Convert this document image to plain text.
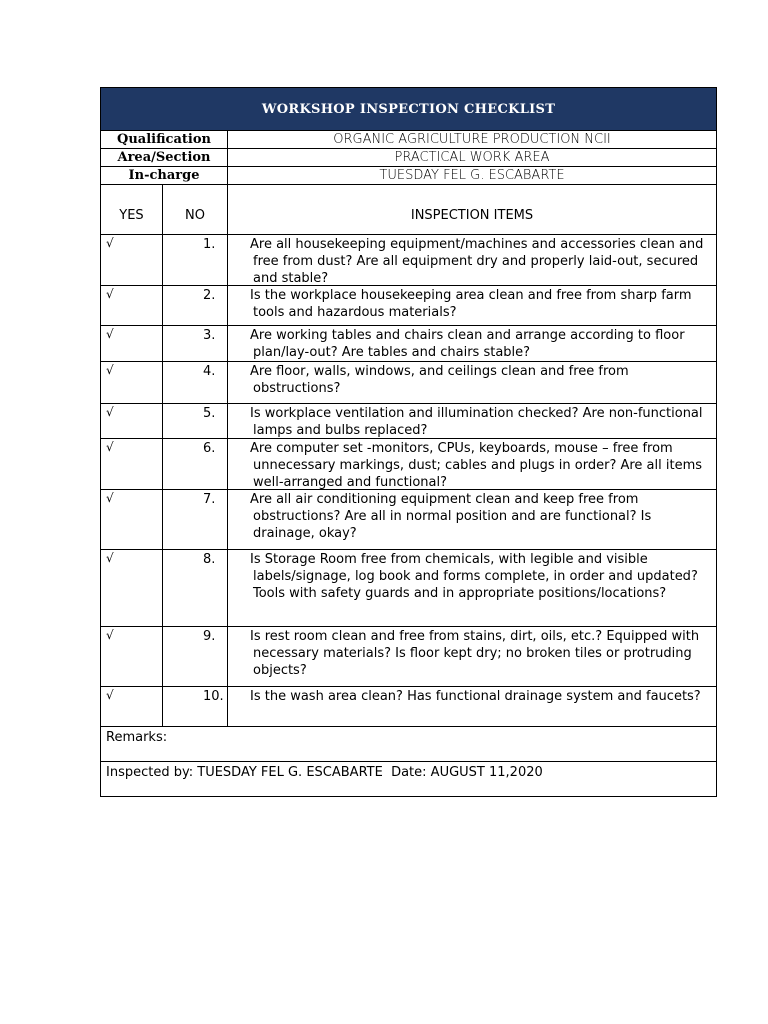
WORKSHOP INSPECTION CHECKLIST
Qualification	ORGANIC AGRICULTURE PRODUCTION NCII
Area/Section	PRACTICAL WORK AREA
In-charge	TUESDAY FEL G. ESCABARTE
YES	NO	INSPECTION ITEMS
√	1.	Are all housekeeping equipment/machines and accessories clean and free from dust? Are all equipment dry and properly laid-out, secured and stable?
√	2.	Is the workplace housekeeping area clean and free from sharp farm tools and hazardous materials?
√	3.	Are working tables and chairs clean and arrange according to floor plan/lay-out? Are tables and chairs stable?
√	4.	Are floor, walls, windows, and ceilings clean and free from obstructions?
√	5.	Is workplace ventilation and illumination checked? Are non-functional lamps and bulbs replaced?
√	6.	Are computer set -monitors, CPUs, keyboards, mouse – free from unnecessary markings, dust; cables and plugs in order? Are all items well-arranged and functional?
√	7.	Are all air conditioning equipment clean and keep free from obstructions? Are all in normal position and are functional? Is drainage, okay?
√	8.	Is Storage Room free from chemicals, with legible and visible labels/signage, log book and forms complete, in order and updated? Tools with safety guards and in appropriate positions/locations?
√	9.	Is rest room clean and free from stains, dirt, oils, etc.? Equipped with necessary materials? Is floor kept dry; no broken tiles or protruding objects?
√	10. Is the wash area clean? Has functional drainage system and faucets?
Remarks:
Inspected by: TUESDAY FEL G. ESCABARTE Date: AUGUST 11,2020
